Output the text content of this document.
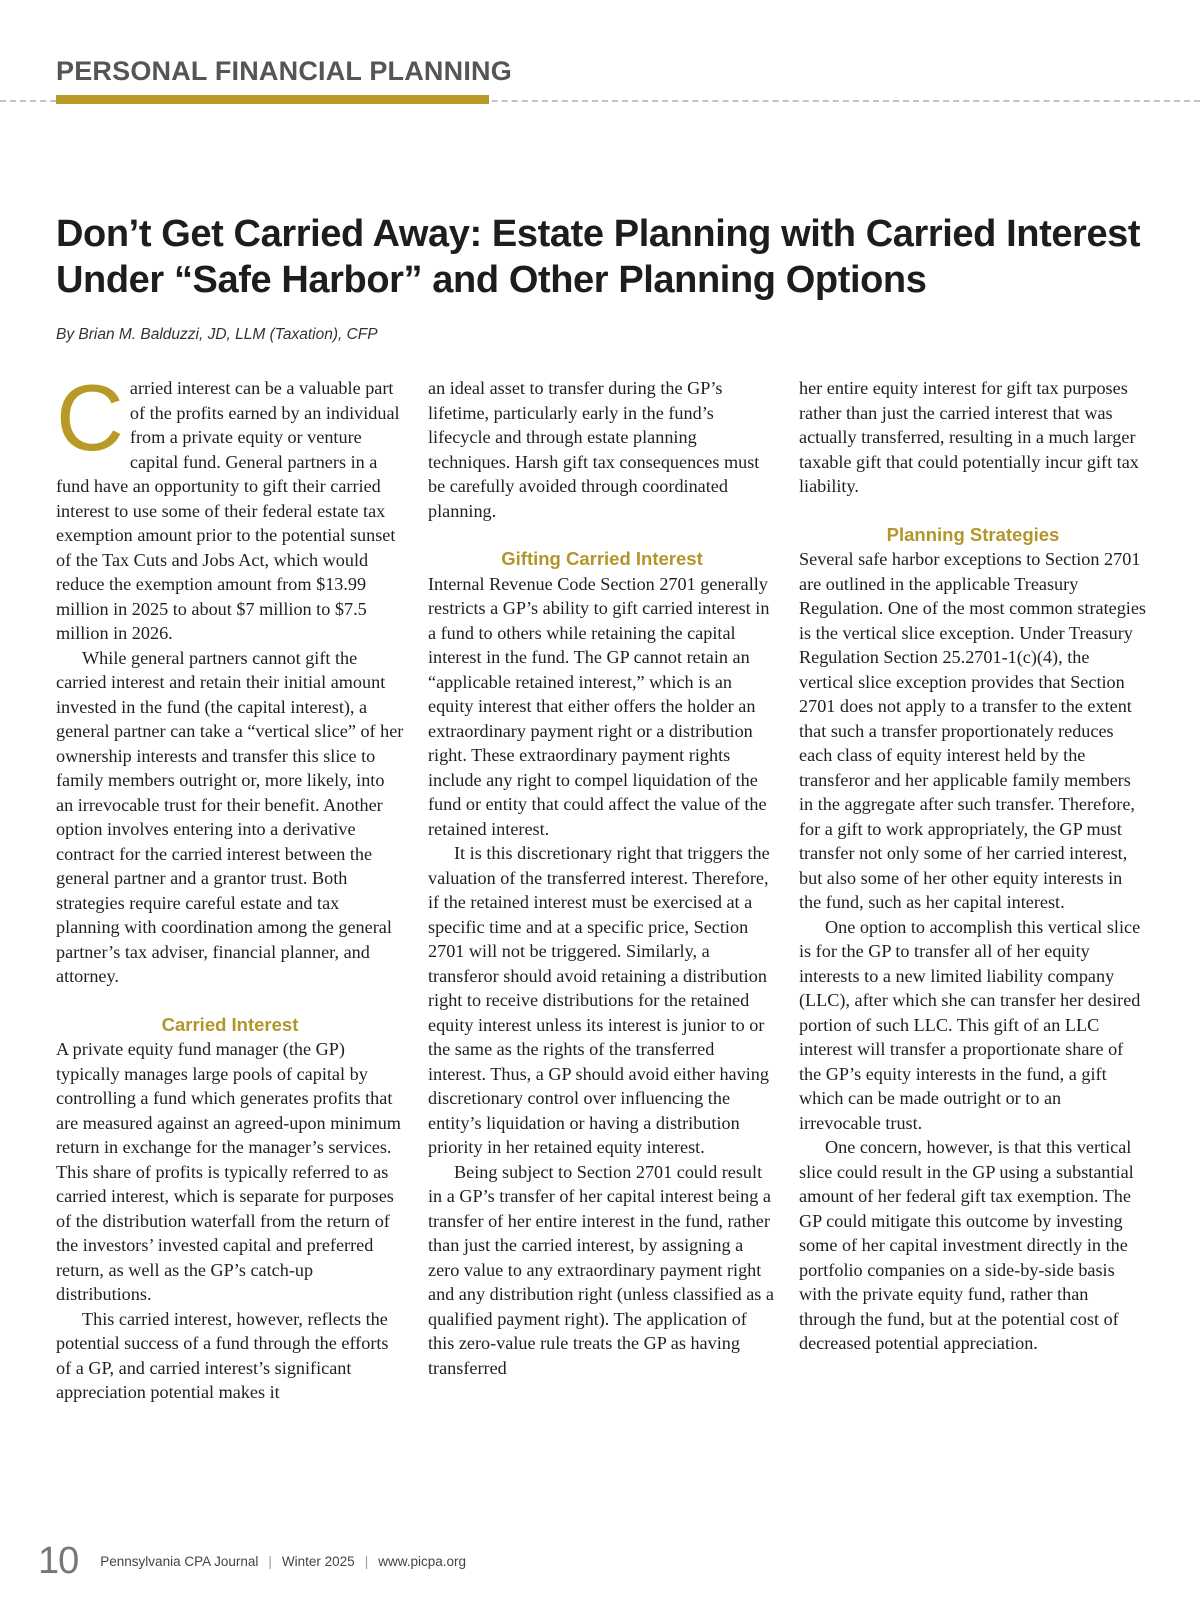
PERSONAL FINANCIAL PLANNING
Don’t Get Carried Away: Estate Planning with Carried Interest
Under “Safe Harbor” and Other Planning Options
By Brian M. Balduzzi, JD, LLM (Taxation), CFP

Carried interest can be a valuable part of the profits earned by an individual from a private equity or venture capital fund. General partners in a fund have an opportunity to gift their carried interest to use some of their federal estate tax exemption amount prior to the potential sunset of the Tax Cuts and Jobs Act, which would reduce the exemption amount from $13.99 million in 2025 to about $7 million to $7.5 million in 2026.

While general partners cannot gift the carried interest and retain their initial amount invested in the fund (the capital interest), a general partner can take a “vertical slice” of her ownership interests and transfer this slice to family members outright or, more likely, into an irrevocable trust for their benefit. Another option involves entering into a derivative contract for the carried interest between the general partner and a grantor trust. Both strategies require careful estate and tax planning with coordination among the general partner’s tax adviser, financial planner, and attorney.

Carried Interest

A private equity fund manager (the GP) typically manages large pools of capital by controlling a fund which generates profits that are measured against an agreed-upon minimum return in exchange for the manager’s services. This share of profits is typically referred to as carried interest, which is separate for purposes of the distribution waterfall from the return of the investors’ invested capital and preferred return, as well as the GP’s catch-up distributions.

This carried interest, however, reflects the potential success of a fund through the efforts of a GP, and carried interest’s significant appreciation potential makes it

an ideal asset to transfer during the GP’s lifetime, particularly early in the fund’s lifecycle and through estate planning techniques. Harsh gift tax consequences must be carefully avoided through coordinated planning.

Gifting Carried Interest

Internal Revenue Code Section 2701 generally restricts a GP’s ability to gift carried interest in a fund to others while retaining the capital interest in the fund. The GP cannot retain an “applicable retained interest,” which is an equity interest that either offers the holder an extraordinary payment right or a distribution right. These extraordinary payment rights include any right to compel liquidation of the fund or entity that could affect the value of the retained interest.

It is this discretionary right that triggers the valuation of the transferred interest. Therefore, if the retained interest must be exercised at a specific time and at a specific price, Section 2701 will not be triggered. Similarly, a transferor should avoid retaining a distribution right to receive distributions for the retained equity interest unless its interest is junior to or the same as the rights of the transferred interest. Thus, a GP should avoid either having discretionary control over influencing the entity’s liquidation or having a distribution priority in her retained equity interest.

Being subject to Section 2701 could result in a GP’s transfer of her capital interest being a transfer of her entire interest in the fund, rather than just the carried interest, by assigning a zero value to any extraordinary payment right and any distribution right (unless classified as a qualified payment right). The application of this zero-value rule treats the GP as having transferred

her entire equity interest for gift tax purposes rather than just the carried interest that was actually transferred, resulting in a much larger taxable gift that could potentially incur gift tax liability.

Planning Strategies

Several safe harbor exceptions to Section 2701 are outlined in the applicable Treasury Regulation. One of the most common strategies is the vertical slice exception. Under Treasury Regulation Section 25.2701-1(c)(4), the vertical slice exception provides that Section 2701 does not apply to a transfer to the extent that such a transfer proportionately reduces each class of equity interest held by the transferor and her applicable family members in the aggregate after such transfer. Therefore, for a gift to work appropriately, the GP must transfer not only some of her carried interest, but also some of her other equity interests in the fund, such as her capital interest.

One option to accomplish this vertical slice is for the GP to transfer all of her equity interests to a new limited liability company (LLC), after which she can transfer her desired portion of such LLC. This gift of an LLC interest will transfer a proportionate share of the GP’s equity interests in the fund, a gift which can be made outright or to an irrevocable trust.

One concern, however, is that this vertical slice could result in the GP using a substantial amount of her federal gift tax exemption. The GP could mitigate this outcome by investing some of her capital investment directly in the portfolio companies on a side-by-side basis with the private equity fund, rather than through the fund, but at the potential cost of decreased potential appreciation.

10 Pennsylvania CPA Journal | Winter 2025 | www.picpa.org
